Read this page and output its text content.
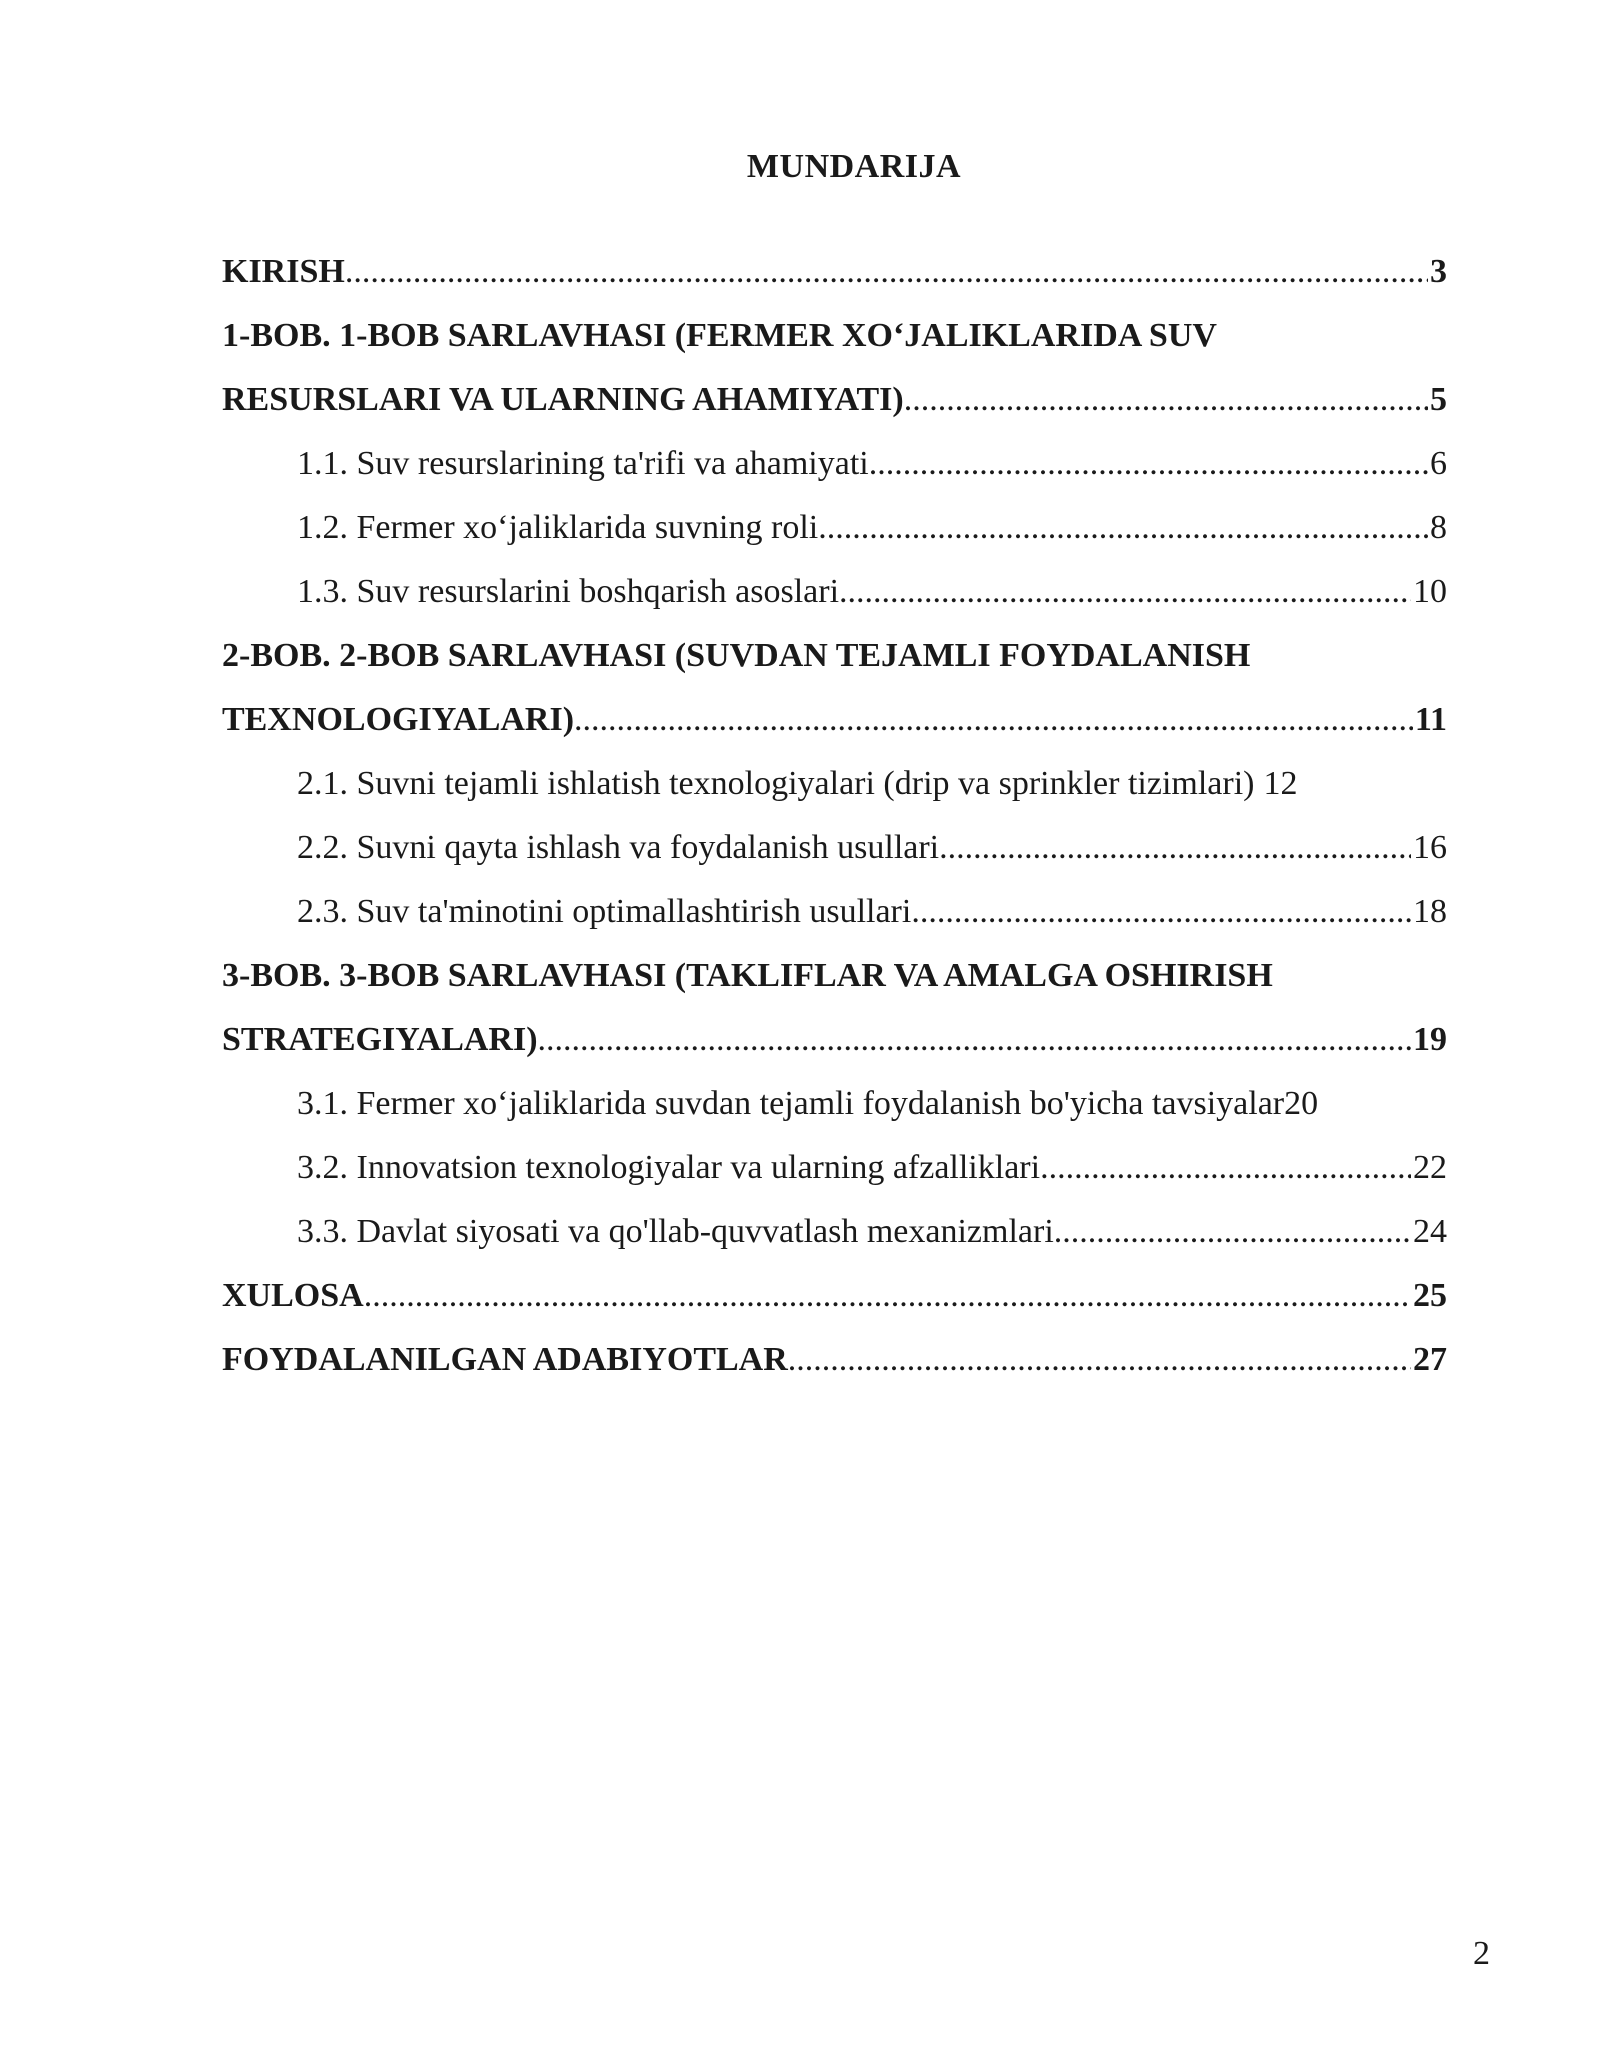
MUNDARIJA
KIRISH .....	3
1-BOB. 1-BOB SARLAVHASI (FERMER XO‘JALIKLARIDA SUV
RESURSLARI VA ULARNING AHAMIYATI) .....	5
1.1. Suv resurslarining ta'rifi va ahamiyati .....	6
1.2. Fermer xo‘jaliklarida suvning roli .....	8
1.3. Suv resurslarini boshqarish asoslari .....	10
2-BOB. 2-BOB SARLAVHASI (SUVDAN TEJAMLI FOYDALANISH
TEXNOLOGIYALARI) .....	11
2.1. Suvni tejamli ishlatish texnologiyalari (drip va sprinkler tizimlari) 12
2.2. Suvni qayta ishlash va foydalanish usullari .....	16
2.3. Suv ta'minotini optimallashtirish usullari .....	18
3-BOB. 3-BOB SARLAVHASI (TAKLIFLAR VA AMALGA OSHIRISH
STRATEGIYALARI) .....	19
3.1. Fermer xo‘jaliklarida suvdan tejamli foydalanish bo'yicha tavsiyalar 20
3.2. Innovatsion texnologiyalar va ularning afzalliklari .....	22
3.3. Davlat siyosati va qo'llab-quvvatlash mexanizmlari .....	24
XULOSA .....	25
FOYDALANILGAN ADABIYOTLAR .....	27
2
